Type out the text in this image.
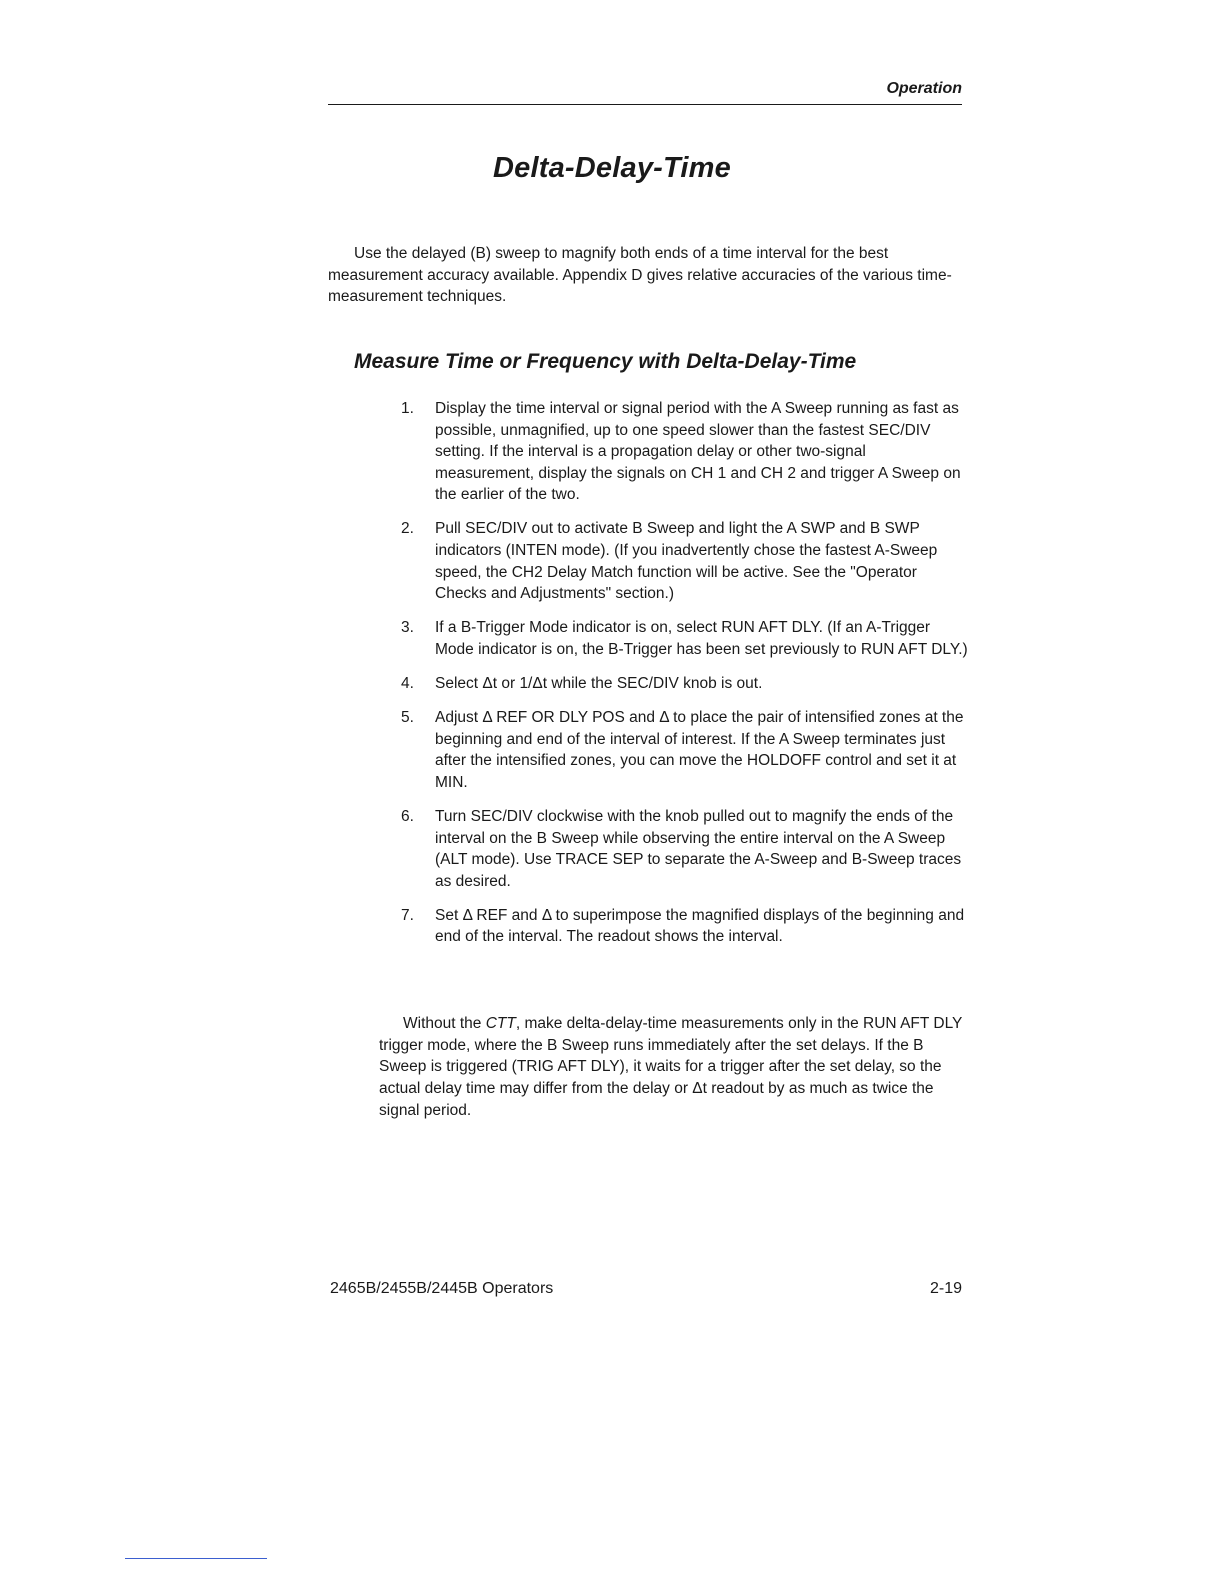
Operation
Delta-Delay-Time

Use the delayed (B) sweep to magnify both ends of a time interval for the best measurement accuracy available. Appendix D gives relative accuracies of the various time-measurement techniques.

Measure Time or Frequency with Delta-Delay-Time
1. Display the time interval or signal period with the A Sweep running as fast as possible, unmagnified, up to one speed slower than the fastest SEC/DIV setting. If the interval is a propagation delay or other two-signal measurement, display the signals on CH 1 and CH 2 and trigger A Sweep on the earlier of the two.
2. Pull SEC/DIV out to activate B Sweep and light the A SWP and B SWP indicators (INTEN mode). (If you inadvertently chose the fastest A-Sweep speed, the CH2 Delay Match function will be active. See the "Operator Checks and Adjustments" section.)
3. If a B-Trigger Mode indicator is on, select RUN AFT DLY. (If an A-Trigger Mode indicator is on, the B-Trigger has been set previously to RUN AFT DLY.)
4. Select Δt or 1/Δt while the SEC/DIV knob is out.
5. Adjust Δ REF OR DLY POS and Δ to place the pair of intensified zones at the beginning and end of the interval of interest. If the A Sweep terminates just after the intensified zones, you can move the HOLDOFF control and set it at MIN.
6. Turn SEC/DIV clockwise with the knob pulled out to magnify the ends of the interval on the B Sweep while observing the entire interval on the A Sweep (ALT mode). Use TRACE SEP to separate the A-Sweep and B-Sweep traces as desired.
7. Set Δ REF and Δ to superimpose the magnified displays of the beginning and end of the interval. The readout shows the interval.

Without the CTT, make delta-delay-time measurements only in the RUN AFT DLY trigger mode, where the B Sweep runs immediately after the set delays. If the B Sweep is triggered (TRIG AFT DLY), it waits for a trigger after the set delay, so the actual delay time may differ from the delay or Δt readout by as much as twice the signal period.

2465B/2455B/2445B Operators	2-19
